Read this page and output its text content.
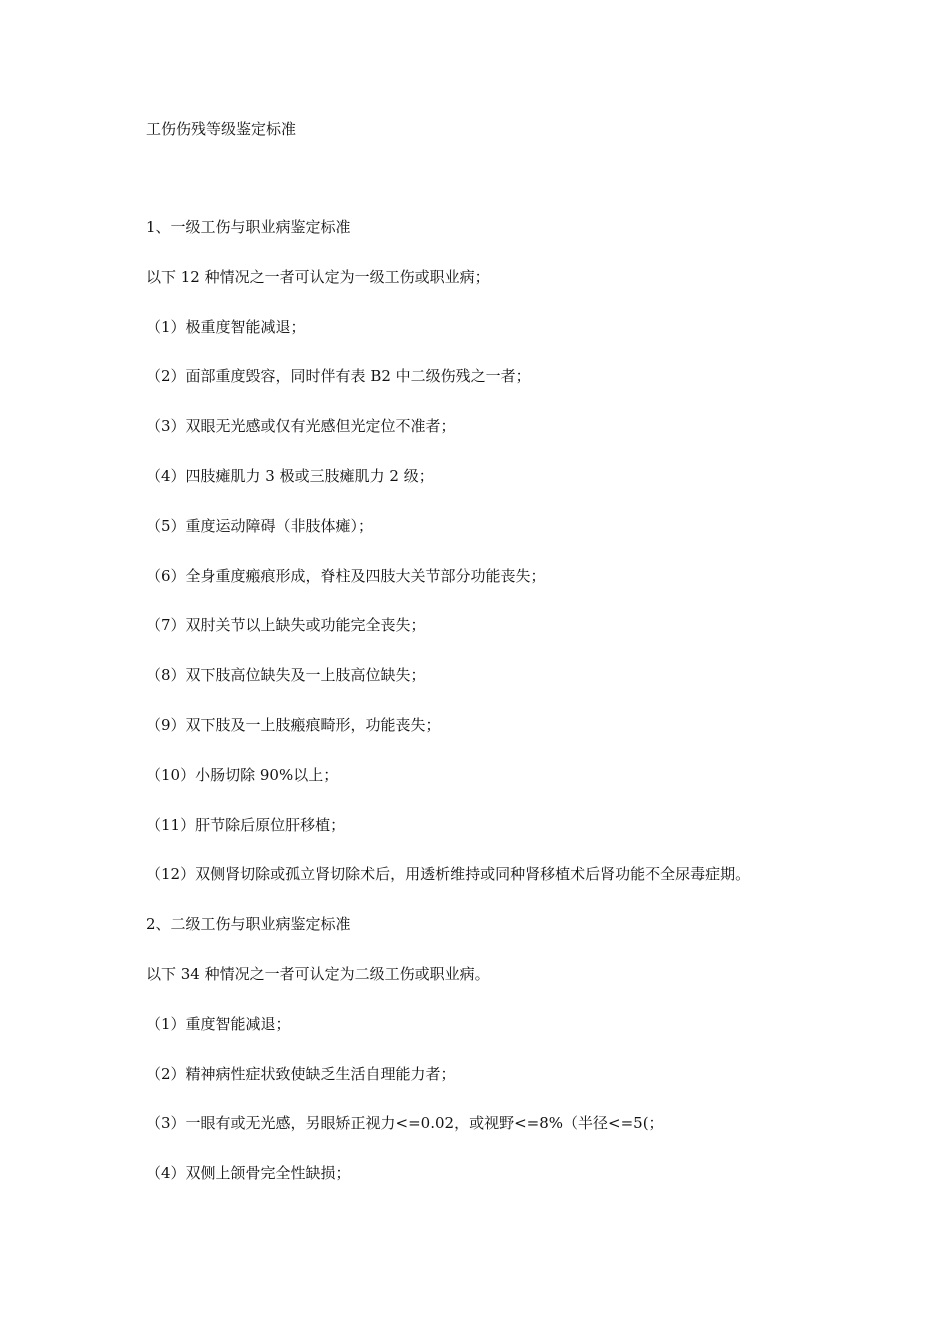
工伤伤残等级鉴定标准
1、一级工伤与职业病鉴定标准
以下 12 种情况之一者可认定为一级工伤或职业病；
（1）极重度智能减退；
（2）面部重度毁容，同时伴有表 B2 中二级伤残之一者；
（3）双眼无光感或仅有光感但光定位不准者；
（4）四肢瘫肌力 3 极或三肢瘫肌力 2 级；
（5）重度运动障碍（非肢体瘫）；
（6）全身重度瘢痕形成，脊柱及四肢大关节部分功能丧失；
（7）双肘关节以上缺失或功能完全丧失；
（8）双下肢高位缺失及一上肢高位缺失；
（9）双下肢及一上肢瘢痕畸形，功能丧失；
（10）小肠切除 90%以上；
（11）肝节除后原位肝移植；
（12）双侧肾切除或孤立肾切除术后，用透析维持或同种肾移植术后肾功能不全尿毒症期。
2、二级工伤与职业病鉴定标准
以下 34 种情况之一者可认定为二级工伤或职业病。
（1）重度智能减退；
（2）精神病性症状致使缺乏生活自理能力者；
（3）一眼有或无光感，另眼矫正视力<=0.02，或视野<=8%（半径<=5(；
（4）双侧上颌骨完全性缺损；
